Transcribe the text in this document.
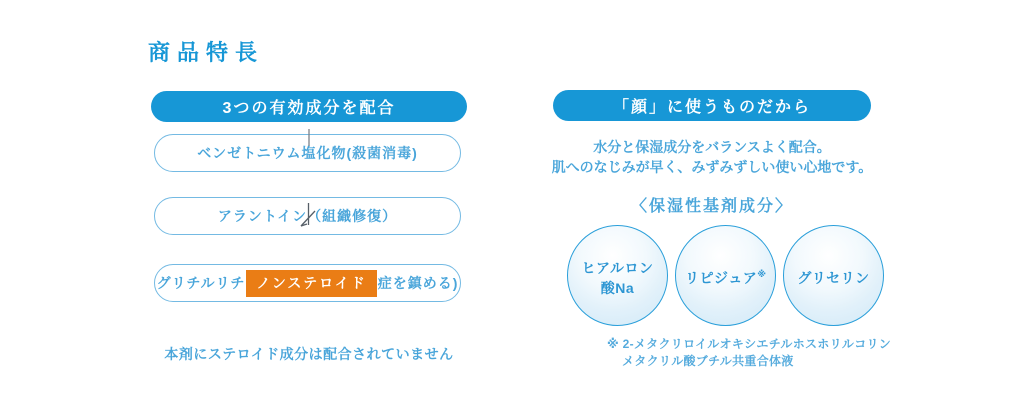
商品特長
3つの有効成分を配合
ベンゼトニウム塩化物(殺菌消毒)
アラントイン（組織修復）
グリチルリチ ノンステロイド 症を鎮める)
本剤にステロイド成分は配合されていません
「顔」に使うものだから

水分と保湿成分をバランスよく配合。
肌へのなじみが早く、みずみずしい使い心地です。

〈保湿性基剤成分〉
ヒアルロン
酸Na
リピジュア※ グリセリン
※ 2-メタクリロイルオキシエチルホスホリルコリン
メタクリル酸ブチル共重合体液
